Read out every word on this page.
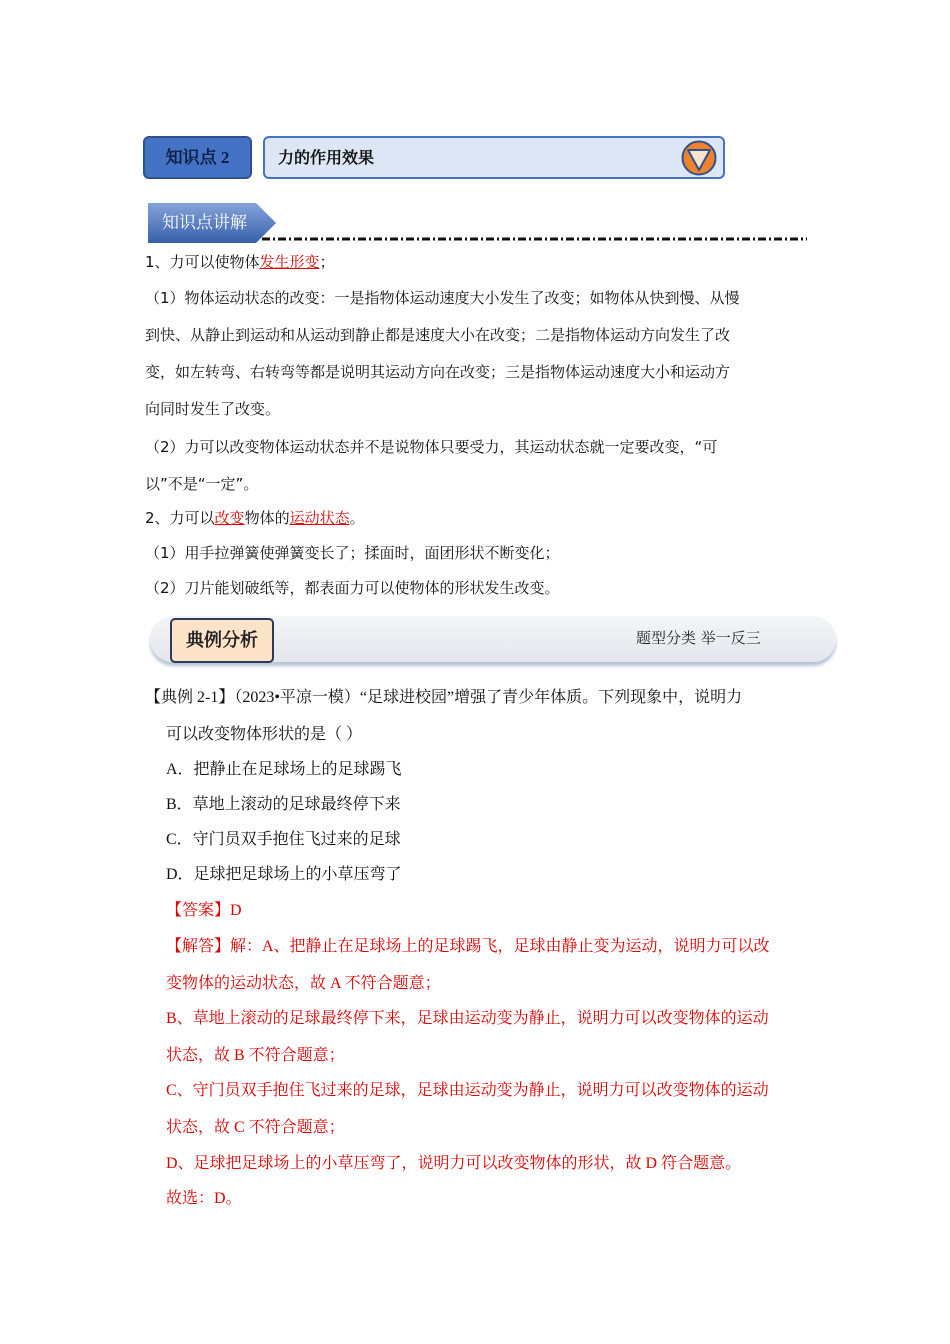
知识点 2	力的作用效果
知识点讲解
1、力可以使物体发生形变；
（1）物体运动状态的改变：一是指物体运动速度大小发生了改变；如物体从快到慢、从慢
到快、从静止到运动和从运动到静止都是速度大小在改变；二是指物体运动方向发生了改
变，如左转弯、右转弯等都是说明其运动方向在改变；三是指物体运动速度大小和运动方
向同时发生了改变。
（2）力可以改变物体运动状态并不是说物体只要受力，其运动状态就一定要改变，“可
以”不是“一定”。
2、力可以改变物体的运动状态。
（1）用手拉弹簧使弹簧变长了；揉面时，面团形状不断变化；
（2）刀片能划破纸等，都表面力可以使物体的形状发生改变。
典例分析	题型分类 举一反三
【典例 2-1】（2023•平凉一模）“足球进校园”增强了青少年体质。下列现象中，说明力
可以改变物体形状的是（ ）
A．把静止在足球场上的足球踢飞
B．草地上滚动的足球最终停下来
C．守门员双手抱住飞过来的足球
D．足球把足球场上的小草压弯了
【答案】D
【解答】解：A、把静止在足球场上的足球踢飞，足球由静止变为运动，说明力可以改
变物体的运动状态，故 A 不符合题意；
B、草地上滚动的足球最终停下来，足球由运动变为静止，说明力可以改变物体的运动
状态，故 B 不符合题意；
C、守门员双手抱住飞过来的足球，足球由运动变为静止，说明力可以改变物体的运动
状态，故 C 不符合题意；
D、足球把足球场上的小草压弯了，说明力可以改变物体的形状，故 D 符合题意。
故选：D。
